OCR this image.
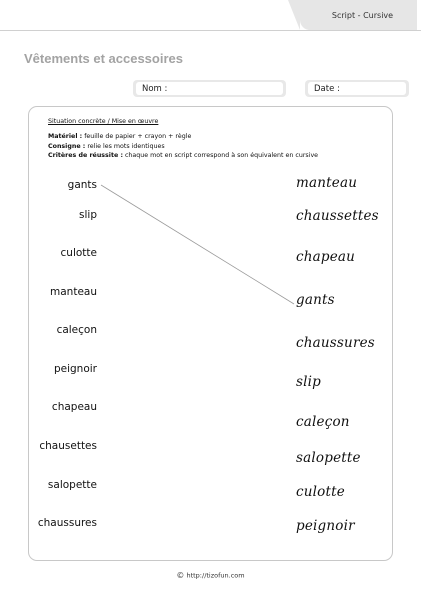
Script - Cursive
Vêtements et accessoires
Nom :	Date :
Situation concrète / Mise en œuvre
Matériel : feuille de papier + crayon + règle
Consigne : relie les mots identiques
Critères de réussite : chaque mot en script correspond à son équivalent en cursive
gants
slip
culotte
manteau
caleçon
peignoir
chapeau
chausettes
salopette
chaussures
manteau
chaussettes
chapeau
gants
chaussures
slip
caleçon
salopette
culotte
peignoir
© http://tizofun.com
